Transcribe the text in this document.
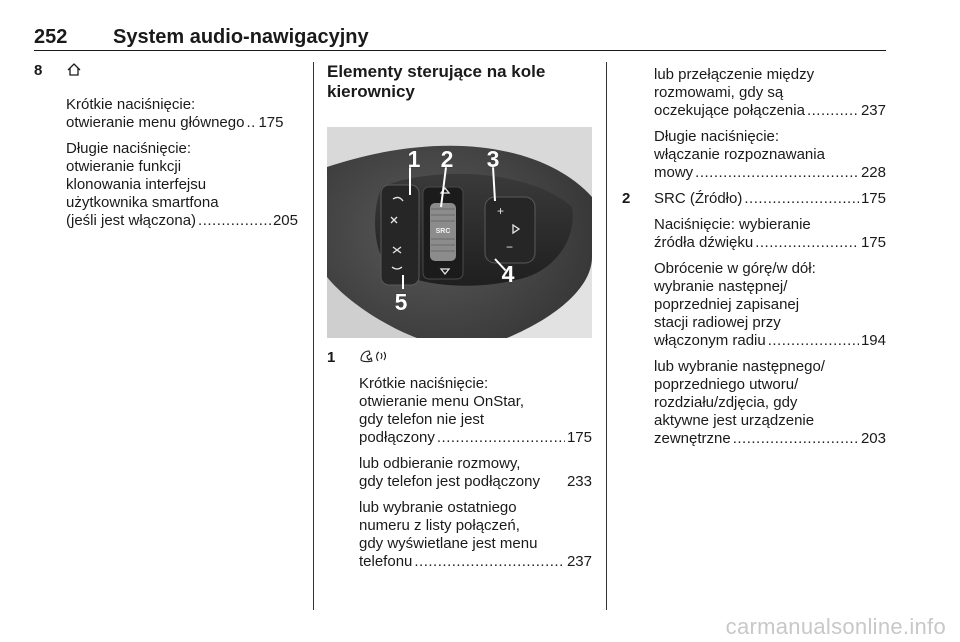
252 System audio-nawigacyjny
8
Krótkie naciśnięcie:
otwieranie menu głównego ..... 175
Długie naciśnięcie:
otwieranie funkcji
klonowania interfejsu
użytkownika smartfona
(jeśli jest włączona) .....	205
Elementy sterujące na kole
kierownicy
SRC
+
−
1 2 3
4
5
1
Krótkie naciśnięcie:
otwieranie menu OnStar,
gdy telefon nie jest
podłączony .....	175
lub odbieranie rozmowy,
gdy telefon jest podłączony 233
lub wybranie ostatniego
numeru z listy połączeń,
gdy wyświetlane jest menu
telefonu .....	237
lub przełączenie między
rozmowami, gdy są
oczekujące połączenia .....	237
Długie naciśnięcie:
włączanie rozpoznawania
mowy .....	228
2 SRC (Źródło) .....	175
Naciśnięcie: wybieranie
źródła dźwięku .....	175
Obrócenie w górę/w dół:
wybranie następnej/
poprzedniej zapisanej
stacji radiowej przy
włączonym radiu .....	194
lub wybranie następnego/
poprzedniego utworu/
rozdziału/zdjęcia, gdy
aktywne jest urządzenie
zewnętrzne .....	203
carmanualsonline.info
